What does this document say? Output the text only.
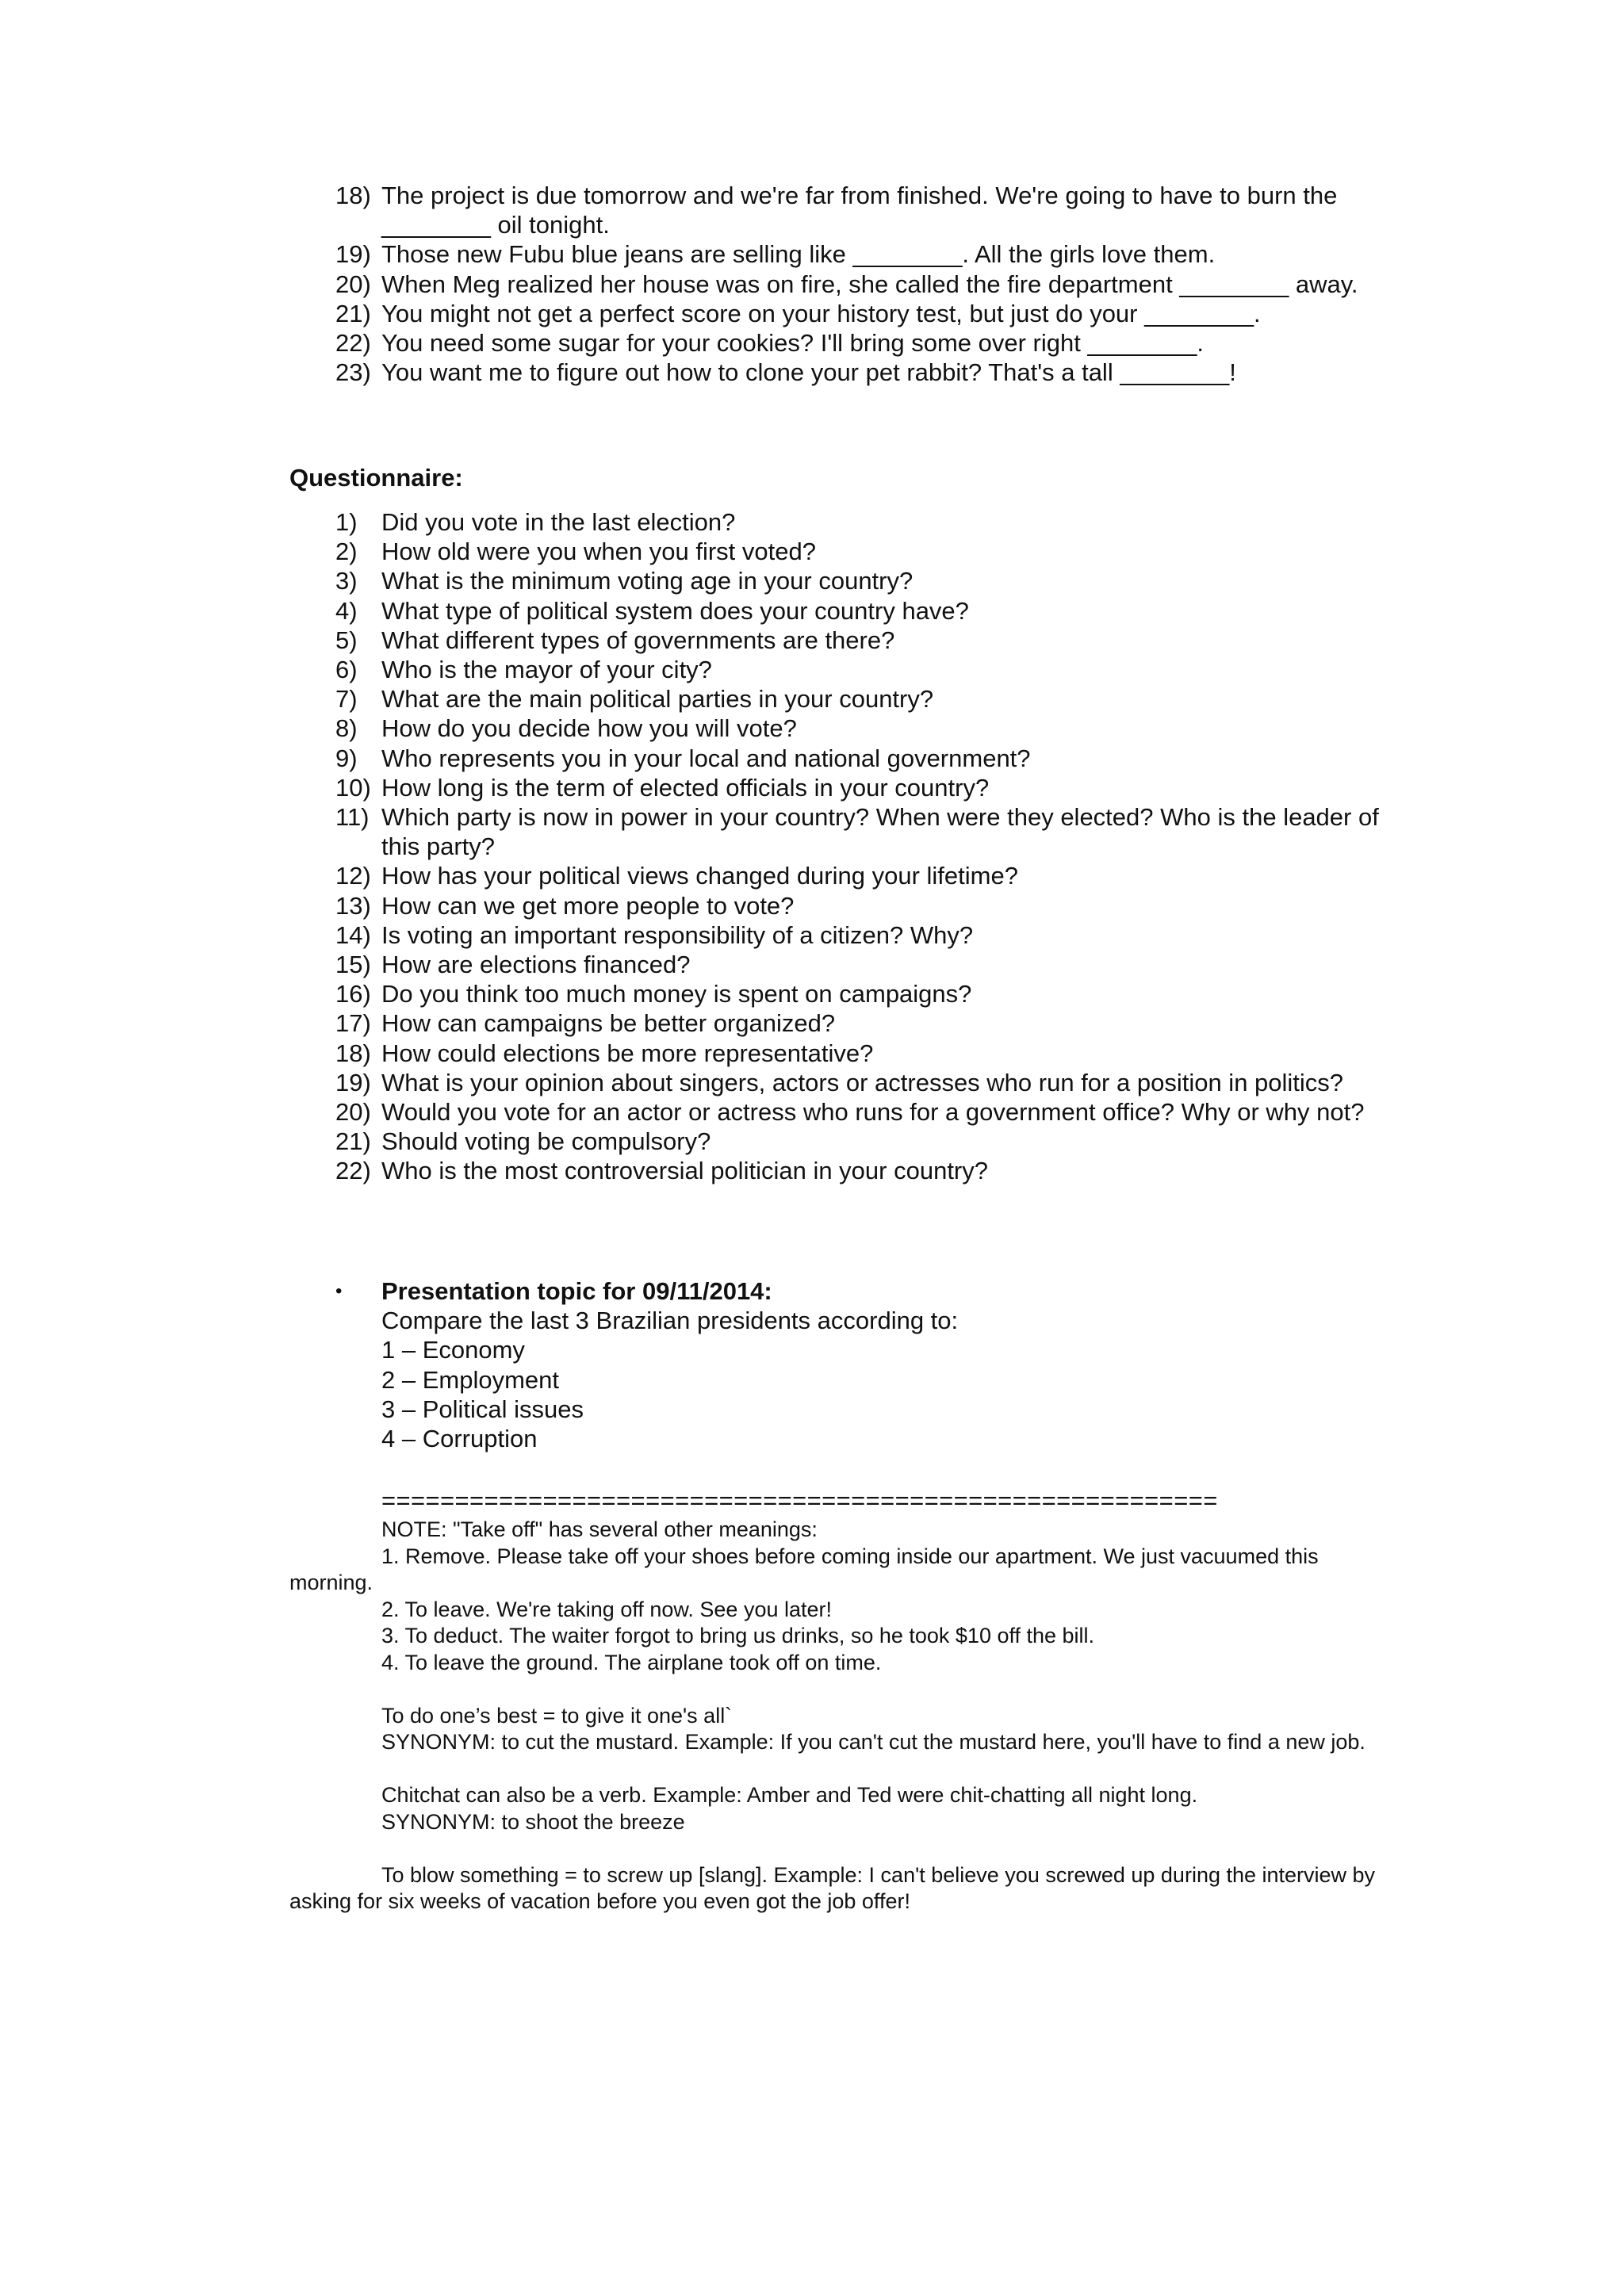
18) The project is due tomorrow and we're far from finished. We're going to have to burn the ________ oil tonight.
19) Those new Fubu blue jeans are selling like ________. All the girls love them.
20) When Meg realized her house was on fire, she called the fire department ________ away.
21) You might not get a perfect score on your history test, but just do your ________.
22) You need some sugar for your cookies? I'll bring some over right ________.
23) You want me to figure out how to clone your pet rabbit? That's a tall ________!
Questionnaire:
1) Did you vote in the last election?
2) How old were you when you first voted?
3) What is the minimum voting age in your country?
4) What type of political system does your country have?
5) What different types of governments are there?
6) Who is the mayor of your city?
7) What are the main political parties in your country?
8) How do you decide how you will vote?
9) Who represents you in your local and national government?
10) How long is the term of elected officials in your country?
11) Which party is now in power in your country? When were they elected? Who is the leader of this party?
12) How has your political views changed during your lifetime?
13) How can we get more people to vote?
14) Is voting an important responsibility of a citizen? Why?
15) How are elections financed?
16) Do you think too much money is spent on campaigns?
17) How can campaigns be better organized?
18) How could elections be more representative?
19) What is your opinion about singers, actors or actresses who run for a position in politics?
20) Would you vote for an actor or actress who runs for a government office? Why or why not?
21) Should voting be compulsory?
22) Who is the most controversial politician in your country?
•	Presentation topic for 09/11/2014:
Compare the last 3 Brazilian presidents according to:
1 – Economy
2 – Employment
3 – Political issues
4 – Corruption
=========================================================
NOTE: "Take off" has several other meanings:
1. Remove. Please take off your shoes before coming inside our apartment. We just vacuumed this morning.
2. To leave. We're taking off now. See you later!
3. To deduct. The waiter forgot to bring us drinks, so he took $10 off the bill.
4. To leave the ground. The airplane took off on time.
To do one’s best = to give it one's all`
SYNONYM: to cut the mustard. Example: If you can't cut the mustard here, you'll have to find a new job.
Chitchat can also be a verb. Example: Amber and Ted were chit-chatting all night long.
SYNONYM: to shoot the breeze
To blow something = to screw up [slang]. Example: I can't believe you screwed up during the interview by asking for six weeks of vacation before you even got the job offer!
